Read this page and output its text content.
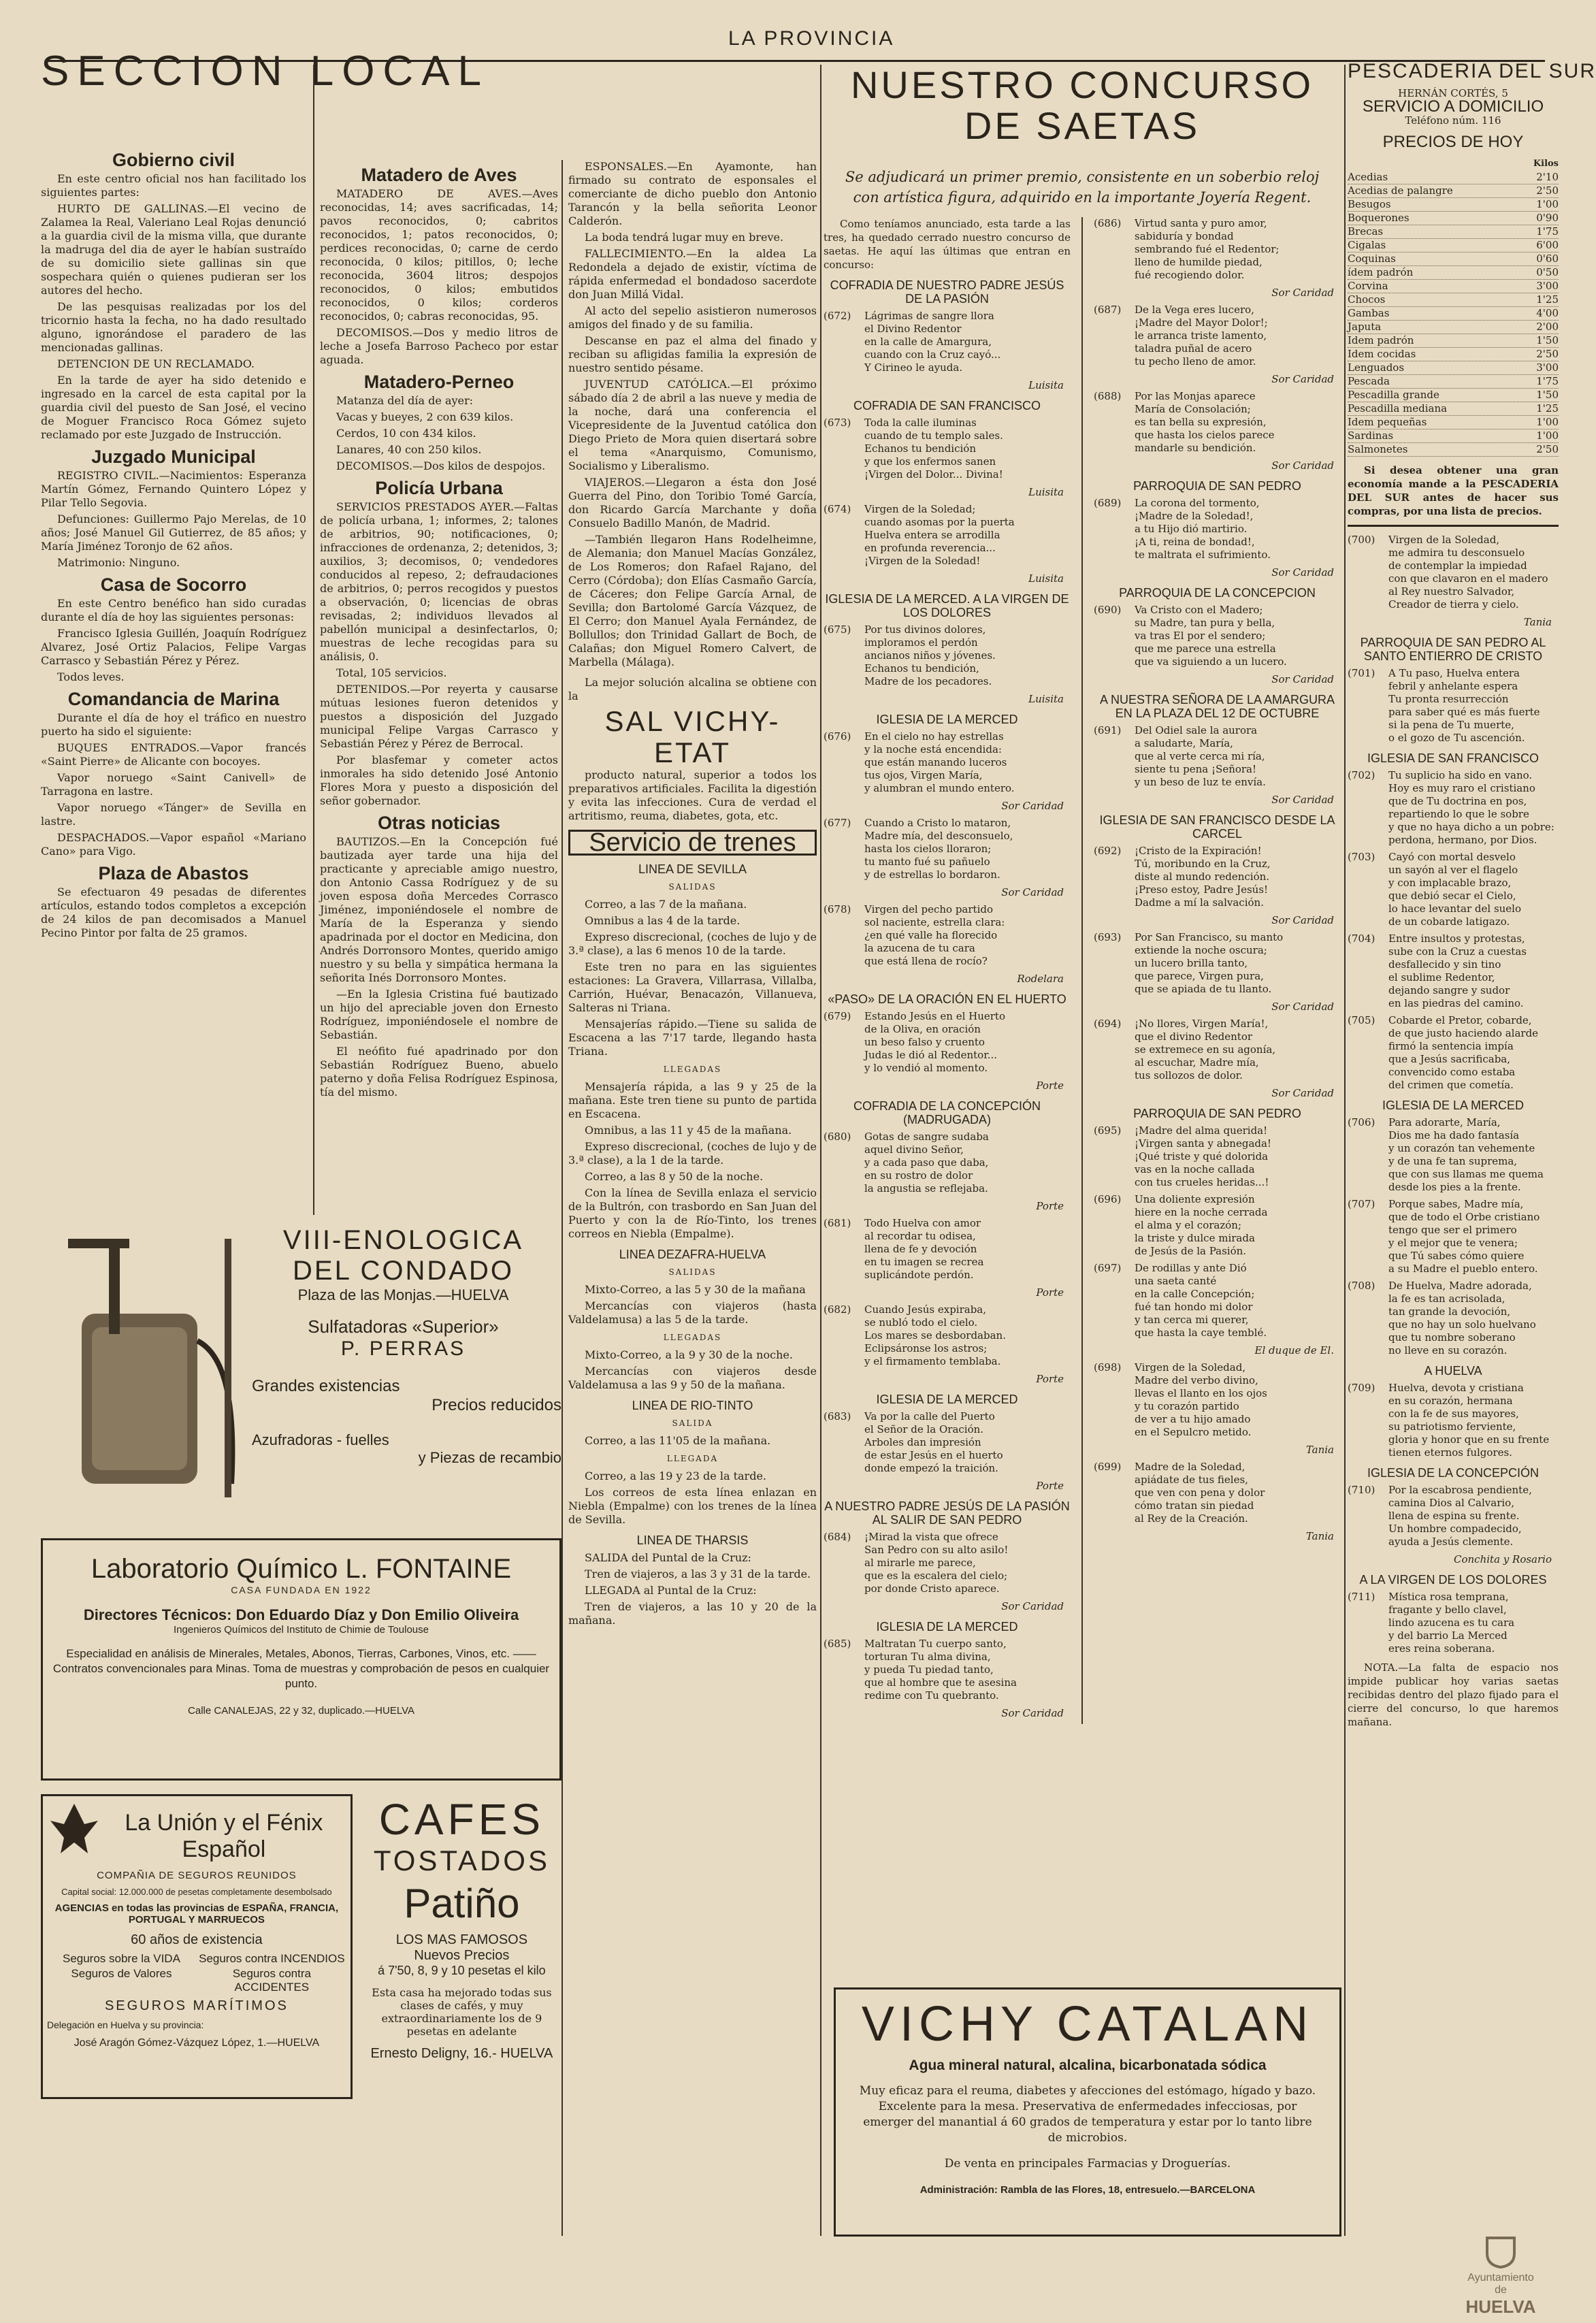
LA PROVINCIA
SECCION LOCAL
Gobierno civil

En este centro oficial nos han facilitado los siguientes partes:

HURTO DE GALLINAS.—El vecino de Zalamea la Real, Valeriano Leal Rojas denunció a la guardia civil de la misma villa, que durante la madruga del dia de ayer le habían sustraído de su domicilio siete gallinas sin que sospechara quién o quienes pudieran ser los autores del hecho.

De las pesquisas realizadas por los del tricornio hasta la fecha, no ha dado resultado alguno, ignorándose el paradero de las mencionadas gallinas.

DETENCION DE UN RECLAMADO.

En la tarde de ayer ha sido detenido e ingresado en la carcel de esta capital por la guardia civil del puesto de San José, el vecino de Moguer Francisco Roca Gómez sujeto reclamado por este Juzgado de Instrucción.

Juzgado Municipal

REGISTRO CIVIL.—Nacimientos: Esperanza Martín Gómez, Fernando Quintero López y Pilar Tello Segovia.

Defunciones: Guillermo Pajo Merelas, de 10 años; José Manuel Gil Gutierrez, de 85 años; y María Jiménez Toronjo de 62 años.

Matrimonio: Ninguno.

Casa de Socorro

En este Centro benéfico han sido curadas durante el día de hoy las siguientes personas:

Francisco Iglesia Guillén, Joaquín Rodríguez Alvarez, José Ortiz Palacios, Felipe Vargas Carrasco y Sebastián Pérez y Pérez.

Todos leves.

Comandancia de Marina

Durante el día de hoy el tráfico en nuestro puerto ha sido el siguiente:

BUQUES ENTRADOS.—Vapor francés «Saint Pierre» de Alicante con bocoyes.

Vapor noruego «Saint Canivell» de Tarragona en lastre.

Vapor noruego «Tánger» de Sevilla en lastre.

DESPACHADOS.—Vapor español «Mariano Cano» para Vigo.

Plaza de Abastos

Se efectuaron 49 pesadas de diferentes artículos, estando todos completos a excepción de 24 kilos de pan decomisados a Manuel Pecino Pintor por falta de 25 gramos.

Matadero de Aves

MATADERO DE AVES.—Aves reconocidas, 14; aves sacrificadas, 14; pavos reconocidos, 0; cabritos reconocidos, 1; patos reconocidos, 0; perdices reconocidas, 0; carne de cerdo reconocida, 0 kilos; pitillos, 0; leche reconocida, 3604 litros; despojos reconocidos, 0 kilos; embutidos reconocidos, 0 kilos; corderos reconocidos, 0; cabras reconocidas, 95.

DECOMISOS.—Dos y medio litros de leche a Josefa Barroso Pacheco por estar aguada.

Matadero-Perneo

Matanza del día de ayer:

Vacas y bueyes, 2 con 639 kilos.

Cerdos, 10 con 434 kilos.

Lanares, 40 con 250 kilos.

DECOMISOS.—Dos kilos de despojos.

Policía Urbana

SERVICIOS PRESTADOS AYER.—Faltas de policía urbana, 1; informes, 2; talones de arbitrios, 90; notificaciones, 0; infracciones de ordenanza, 2; detenidos, 3; auxilios, 3; decomisos, 0; vendedores conducidos al repeso, 2; defraudaciones de arbitrios, 0; perros recogidos y puestos a observación, 0; licencias de obras revisadas, 2; individuos llevados al pabellón municipal a desinfectarlos, 0; muestras de leche recogidas para su análisis, 0.

Total, 105 servicios.

DETENIDOS.—Por reyerta y causarse mútuas lesiones fueron detenidos y puestos a disposición del Juzgado municipal Felipe Vargas Carrasco y Sebastián Pérez y Pérez de Berrocal.

Por blasfemar y cometer actos inmorales ha sido detenido José Antonio Flores Mora y puesto a disposición del señor gobernador.

Otras noticias

BAUTIZOS.—En la Concepción fué bautizada ayer tarde una hija del practicante y apreciable amigo nuestro, don Antonio Cassa Rodríguez y de su joven esposa doña Mercedes Corrasco Jiménez, imponiéndosele el nombre de María de la Esperanza y siendo apadrinada por el doctor en Medicina, don Andrés Dorronsoro Montes, querido amigo nuestro y su bella y simpática hermana la señorita Inés Dorronsoro Montes.

—En la Iglesia Cristina fué bautizado un hijo del apreciable joven don Ernesto Rodríguez, imponiéndosele el nombre de Sebastián.

El neófito fué apadrinado por don Sebastián Rodríguez Bueno, abuelo paterno y doña Felisa Rodríguez Espinosa, tía del mismo.

ESPONSALES.—En Ayamonte, han firmado su contrato de esponsales el comerciante de dicho pueblo don Antonio Tarancón y la bella señorita Leonor Calderón.

La boda tendrá lugar muy en breve.

FALLECIMIENTO.—En la aldea La Redondela a dejado de existir, víctima de rápida enfermedad el bondadoso sacerdote don Juan Millá Vidal.

Al acto del sepelio asistieron numerosos amigos del finado y de su familia.

Descanse en paz el alma del finado y reciban su afligidas familia la expresión de nuestro sentido pésame.

JUVENTUD CATÓLICA.—El próximo sábado día 2 de abril a las nueve y media de la noche, dará una conferencia el Vicepresidente de la Juventud católica don Diego Prieto de Mora quien disertará sobre el tema «Anarquismo, Comunismo, Socialismo y Liberalismo.

VIAJEROS.—Llegaron a ésta don José Guerra del Pino, don Toribio Tomé García, don Ricardo García Marchante y doña Consuelo Badillo Manón, de Madrid.

—También llegaron Hans Rodelheimne, de Alemania; don Manuel Macías González, de Los Romeros; don Rafael Rajano, del Cerro (Córdoba); don Elías Casmaño García, de Cáceres; don Felipe García Arnal, de Sevilla; don Bartolomé García Vázquez, de El Cerro; don Manuel Ayala Fernández, de Bollullos; don Trinidad Gallart de Boch, de Calañas; don Miguel Romero Calvert, de Marbella (Málaga).

La mejor solución alcalina se obtiene con la
SAL VICHY-ETAT
producto natural, superior a todos los preparativos artificiales. Facilita la digestión y evita las infecciones. Cura de verdad el artritismo, reuma, diabetes, gota, etc.
Servicio de trenes
LINEA DE SEVILLA
SALIDAS

Correo, a las 7 de la mañana.

Omnibus a las 4 de la tarde.

Expreso discrecional, (coches de lujo y de 3.ª clase), a las 6 menos 10 de la tarde.

Este tren no para en las siguientes estaciones: La Gravera, Villarrasa, Villalba, Carrión, Huévar, Benacazón, Villanueva, Salteras ni Triana.

Mensajerías rápido.—Tiene su salida de Escacena a las 7'17 tarde, llegando hasta Triana.

LLEGADAS

Mensajería rápida, a las 9 y 25 de la mañana. Este tren tiene su punto de partida en Escacena.

Omnibus, a las 11 y 45 de la mañana.

Expreso discrecional, (coches de lujo y de 3.ª clase), a la 1 de la tarde.

Correo, a las 8 y 50 de la noche.

Con la línea de Sevilla enlaza el servicio de la Bultrón, con trasbordo en San Juan del Puerto y con la de Río-Tinto, los trenes correos en Niebla (Empalme).

LINEA DEZAFRA-HUELVA
SALIDAS

Mixto-Correo, a las 5 y 30 de la mañana

Mercancías con viajeros (hasta Valdelamusa) a las 5 de la tarde.

LLEGADAS

Mixto-Correo, a la 9 y 30 de la noche.

Mercancías con viajeros desde Valdelamusa a las 9 y 50 de la mañana.

LINEA DE RIO-TINTO
SALIDA

Correo, a las 11'05 de la mañana.

LLEGADA

Correo, a las 19 y 23 de la tarde.

Los correos de esta línea enlazan en Niebla (Empalme) con los trenes de la línea de Sevilla.

LINEA DE THARSIS

SALIDA del Puntal de la Cruz:

Tren de viajeros, a las 3 y 31 de la tarde.

LLEGADA al Puntal de la Cruz:

Tren de viajeros, a las 10 y 20 de la mañana.

NUESTRO CONCURSO
DE SAETAS
Se adjudicará un primer premio, consistente en un soberbio reloj con artística figura, adquirido en la importante Joyería Regent.
Como teníamos anunciado, esta tarde a las tres, ha quedado cerrado nuestro concurso de saetas. He aquí las últimas que entran en concurso:
COFRADIA DE NUESTRO PADRE JESÚS DE LA PASIÓN
(672)	Lágrimas de sangre llora
el Divino Redentor
en la calle de Amargura,
cuando con la Cruz cayó...
Y Cirineo le ayuda.
Luisita
COFRADIA DE SAN FRANCISCO
(673)	Toda la calle iluminas
cuando de tu templo sales.
Echanos tu bendición
y que los enfermos sanen
¡Virgen del Dolor... Divina!
Luisita
(674)	Virgen de la Soledad;
cuando asomas por la puerta
Huelva entera se arrodilla
en profunda reverencia...
¡Virgen de la Soledad!
Luisita
IGLESIA DE LA MERCED. A LA VIRGEN DE LOS DOLORES
(675)	Por tus divinos dolores,
imploramos el perdón
ancianos niños y jóvenes.
Echanos tu bendición,
Madre de los pecadores.
Luisita
IGLESIA DE LA MERCED
(676)	En el cielo no hay estrellas
y la noche está encendida:
que están manando luceros
tus ojos, Virgen María,
y alumbran el mundo entero.
Sor Caridad
(677)	Cuando a Cristo lo mataron,
Madre mía, del desconsuelo,
hasta los cielos lloraron;
tu manto fué su pañuelo
y de estrellas lo bordaron.
Sor Caridad
(678)	Virgen del pecho partido
sol naciente, estrella clara:
¿en qué valle ha florecido
la azucena de tu cara
que está llena de rocío?
Rodelara
«PASO» DE LA ORACIÓN EN EL HUERTO
(679)	Estando Jesús en el Huerto
de la Oliva, en oración
un beso falso y cruento
Judas le dió al Redentor...
y lo vendió al momento.
Porte
COFRADIA DE LA CONCEPCIÓN (MADRUGADA)
(680)	Gotas de sangre sudaba
aquel divino Señor,
y a cada paso que daba,
en su rostro de dolor
la angustia se reflejaba.
Porte
(681)	Todo Huelva con amor
al recordar tu odisea,
llena de fe y devoción
en tu imagen se recrea
suplicándote perdón.
Porte
(682)	Cuando Jesús expiraba,
se nubló todo el cielo.
Los mares se desbordaban.
Eclipsáronse los astros;
y el firmamento temblaba.
Porte
IGLESIA DE LA MERCED
(683)	Va por la calle del Puerto
el Señor de la Oración.
Arboles dan impresión
de estar Jesús en el huerto
donde empezó la traición.
Porte
A NUESTRO PADRE JESÚS DE LA PASIÓN AL SALIR DE SAN PEDRO
(684)	¡Mirad la vista que ofrece
San Pedro con su alto asilo!
al mirarle me parece,
que es la escalera del cielo;
por donde Cristo aparece.
Sor Caridad
IGLESIA DE LA MERCED
(685)	Maltratan Tu cuerpo santo,
torturan Tu alma divina,
y pueda Tu piedad tanto,
que al hombre que te asesina
redime con Tu quebranto.
Sor Caridad
(686)	Virtud santa y puro amor,
sabiduría y bondad
sembrando fué el Redentor;
lleno de humilde piedad,
fué recogiendo dolor.
Sor Caridad
(687)	De la Vega eres lucero,
¡Madre del Mayor Dolor!;
le arranca triste lamento,
taladra puñal de acero
tu pecho lleno de amor.
Sor Caridad
(688)	Por las Monjas aparece
María de Consolación;
es tan bella su expresión,
que hasta los cielos parece
mandarle su bendición.
Sor Caridad
PARROQUIA DE SAN PEDRO
(689)	La corona del tormento,
¡Madre de la Soledad!,
a tu Hijo dió martirio.
¡A ti, reina de bondad!,
te maltrata el sufrimiento.
Sor Caridad
PARROQUIA DE LA CONCEPCION
(690)	Va Cristo con el Madero;
su Madre, tan pura y bella,
va tras El por el sendero;
que me parece una estrella
que va siguiendo a un lucero.
Sor Caridad
A NUESTRA SEÑORA DE LA AMARGURA EN LA PLAZA DEL 12 DE OCTUBRE
(691)	Del Odiel sale la aurora
a saludarte, María,
que al verte cerca mi ría,
siente tu pena ¡Señora!
y un beso de luz te envía.
Sor Caridad
IGLESIA DE SAN FRANCISCO DESDE LA CARCEL
(692)	¡Cristo de la Expiración!
Tú, moribundo en la Cruz,
diste al mundo redención.
¡Preso estoy, Padre Jesús!
Dadme a mí la salvación.
Sor Caridad
(693)	Por San Francisco, su manto
extiende la noche oscura;
un lucero brilla tanto,
que parece, Virgen pura,
que se apiada de tu llanto.
Sor Caridad
(694)	¡No llores, Virgen María!,
que el divino Redentor
se extremece en su agonía,
al escuchar, Madre mía,
tus sollozos de dolor.
Sor Caridad
PARROQUIA DE SAN PEDRO
(695)	¡Madre del alma querida!
¡Virgen santa y abnegada!
¡Qué triste y qué dolorida
vas en la noche callada
con tus crueles heridas...!
(696)	Una doliente expresión
hiere en la noche cerrada
el alma y el corazón;
la triste y dulce mirada
de Jesús de la Pasión.
(697)	De rodillas y ante Dió
una saeta canté
en la calle Concepción;
fué tan hondo mi dolor
y tan cerca mi querer,
que hasta la caye temblé.
El duque de El.
(698)	Virgen de la Soledad,
Madre del verbo divino,
llevas el llanto en los ojos
y tu corazón partido
de ver a tu hijo amado
en el Sepulcro metido.
Tania
(699)	Madre de la Soledad,
apiádate de tus fieles,
que ven con pena y dolor
cómo tratan sin piedad
al Rey de la Creación.
Tania
PESCADERIA DEL SUR
HERNÁN CORTÉS, 5
SERVICIO A DOMICILIO
Teléfono núm. 116
PRECIOS DE HOY
Kilos
Acedias	2'10
Acedias de palangre	2'50
Besugos	1'00
Boquerones	0'90
Brecas	1'75
Cigalas	6'00
Coquinas	0'60
ídem padrón	0'50
Corvina	3'00
Chocos	1'25
Gambas	4'00
Japuta	2'00
Idem padrón	1'50
Idem cocidas	2'50
Lenguados	3'00
Pescada	1'75
Pescadilla grande	1'50
Pescadilla mediana	1'25
Idem pequeñas	1'00
Sardinas	1'00
Salmonetes	2'50
Si desea obtener una gran economía mande a la PESCADERIA DEL SUR antes de hacer sus compras, por una lista de precios.
(700)	Virgen de la Soledad,
me admira tu desconsuelo
de contemplar la impiedad
con que clavaron en el madero
al Rey nuestro Salvador,
Creador de tierra y cielo.
Tania
PARROQUIA DE SAN PEDRO AL SANTO ENTIERRO DE CRISTO
(701)	A Tu paso, Huelva entera
febril y anhelante espera
Tu pronta resurrección
para saber qué es más fuerte
si la pena de Tu muerte,
o el gozo de Tu ascención.
IGLESIA DE SAN FRANCISCO
(702)	Tu suplicio ha sido en vano.
Hoy es muy raro el cristiano
que de Tu doctrina en pos,
repartiendo lo que le sobre
y que no haya dicho a un pobre:
perdona, hermano, por Dios.
(703)	Cayó con mortal desvelo
un sayón al ver el flagelo
y con implacable brazo,
que debió secar el Cielo,
lo hace levantar del suelo
de un cobarde latigazo.
(704)	Entre insultos y protestas,
sube con la Cruz a cuestas
desfallecido y sin tino
el sublime Redentor,
dejando sangre y sudor
en las piedras del camino.
(705)	Cobarde el Pretor, cobarde,
de que justo haciendo alarde
firmó la sentencia impía
que a Jesús sacrificaba,
convencido como estaba
del crimen que cometía.
IGLESIA DE LA MERCED
(706)	Para adorarte, María,
Dios me ha dado fantasía
y un corazón tan vehemente
y de una fe tan suprema,
que con sus llamas me quema
desde los pies a la frente.
(707)	Porque sabes, Madre mía,
que de todo el Orbe cristiano
tengo que ser el primero
y el mejor que te venera;
que Tú sabes cómo quiere
a su Madre el pueblo entero.
(708)	De Huelva, Madre adorada,
la fe es tan acrisolada,
tan grande la devoción,
que no hay un solo huelvano
que tu nombre soberano
no lleve en su corazón.
A HUELVA
(709)	Huelva, devota y cristiana
en su corazón, hermana
con la fe de sus mayores,
su patriotismo ferviente,
gloria y honor que en su frente
tienen eternos fulgores.
IGLESIA DE LA CONCEPCIÓN
(710)	Por la escabrosa pendiente,
camina Dios al Calvario,
llena de espina su frente.
Un hombre compadecido,
ayuda a Jesús clemente.
Conchita y Rosario
A LA VIRGEN DE LOS DOLORES
(711)	Mística rosa temprana,
fragante y bello clavel,
lindo azucena es tu cara
y del barrio La Merced
eres reina soberana.
NOTA.—La falta de espacio nos impide publicar hoy varias saetas recibidas dentro del plazo fijado para el cierre del concurso, lo que haremos mañana.
VIII-ENOLOGICA
DEL CONDADO
Plaza de las Monjas.—HUELVA
Sulfatadoras «Superior»
P. PERRAS
Grandes existencias
Precios reducidos
Azufradoras - fuelles
y Piezas de recambio
Laboratorio Químico L. FONTAINE
CASA FUNDADA EN 1922
Directores Técnicos: Don Eduardo Díaz y Don Emilio Oliveira
Ingenieros Químicos del Instituto de Chimie de Toulouse
Especialidad en análisis de Minerales, Metales, Abonos, Tierras, Carbones, Vinos, etc. —— Contratos convencionales para Minas. Toma de muestras y comprobación de pesos en cualquier punto.
Calle CANALEJAS, 22 y 32, duplicado.—HUELVA
La Unión y el Fénix Español
COMPAÑIA DE SEGUROS REUNIDOS
Capital social: 12.000.000 de pesetas completamente desembolsado
AGENCIAS en todas las provincias de ESPAÑA, FRANCIA, PORTUGAL Y MARRUECOS
60 años de existencia
Seguros sobre la VIDA	Seguros contra INCENDIOS
Seguros de Valores	Seguros contra ACCIDENTES
SEGUROS MARÍTIMOS
Delegación en Huelva y su provincia:
José Aragón Gómez-Vázquez López, 1.—HUELVA
CAFES
TOSTADOS
Patiño
LOS MAS FAMOSOS
Nuevos Precios
á 7'50, 8, 9 y 10 pesetas el kilo
Esta casa ha mejorado todas sus clases de cafés, y muy extraordinariamente los de 9 pesetas en adelante
Ernesto Deligny, 16.- HUELVA
VICHY CATALAN
Agua mineral natural, alcalina, bicarbonatada sódica
Muy eficaz para el reuma, diabetes y afecciones del estómago, hígado y bazo. Excelente para la mesa. Preservativa de enfermedades infecciosas, por emerger del manantial á 60 grados de temperatura y estar por lo tanto libre de microbios.
De venta en principales Farmacias y Droguerías.
Administración: Rambla de las Flores, 18, entresuelo.—BARCELONA
Ayuntamiento de
HUELVA
